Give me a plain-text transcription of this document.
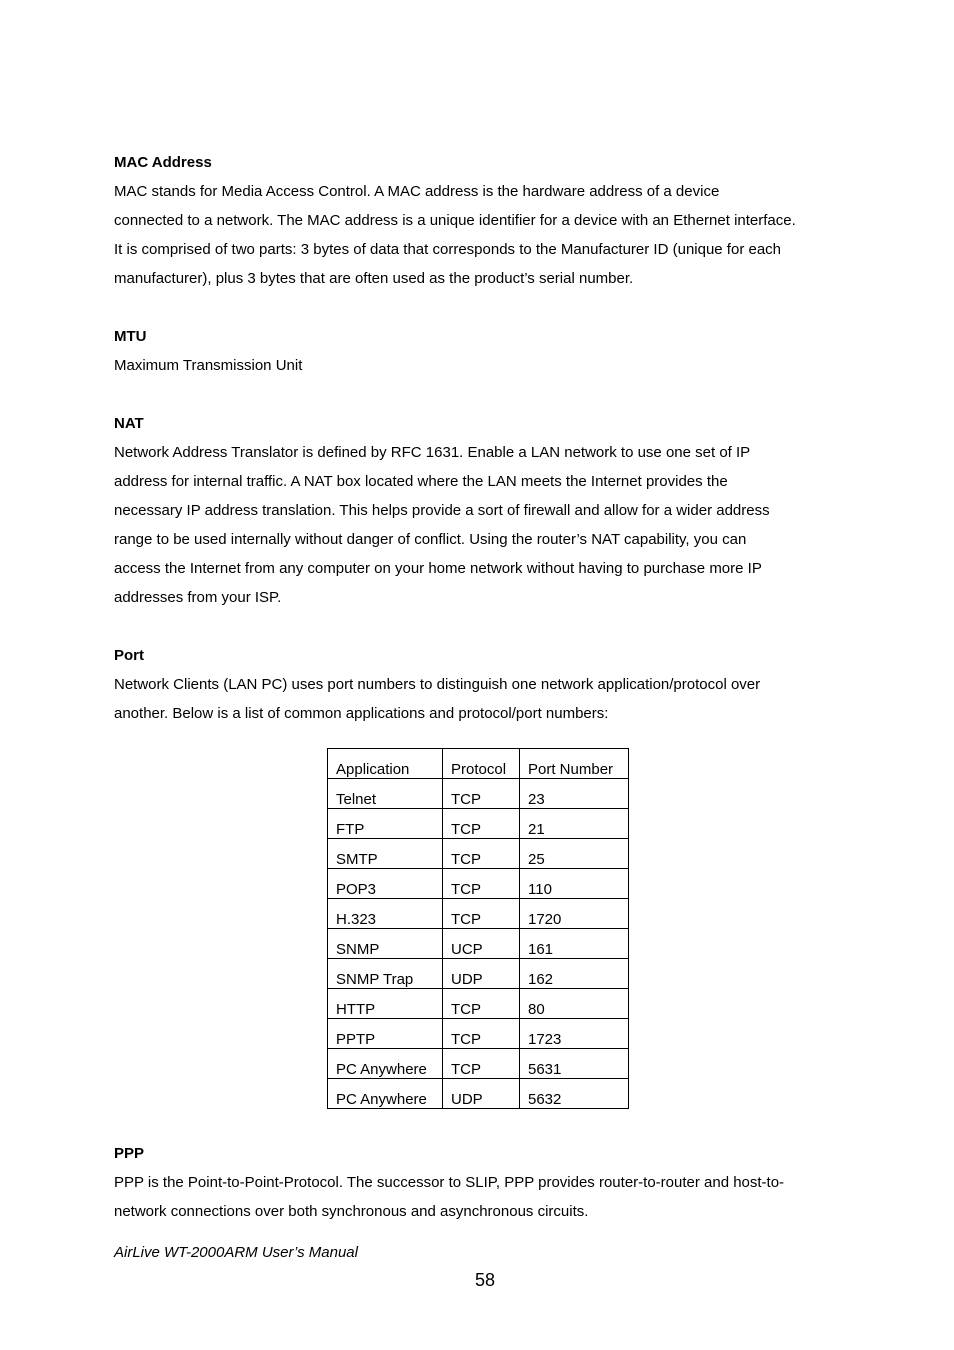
MAC Address

MAC stands for Media Access Control. A MAC address is the hardware address of a device

connected to a network. The MAC address is a unique identifier for a device with an Ethernet interface.

It is comprised of two parts: 3 bytes of data that corresponds to the Manufacturer ID (unique for each

manufacturer), plus 3 bytes that are often used as the product’s serial number.

MTU

Maximum Transmission Unit

NAT

Network Address Translator is defined by RFC 1631. Enable a LAN network to use one set of IP

address for internal traffic. A NAT box located where the LAN meets the Internet provides the

necessary IP address translation. This helps provide a sort of firewall and allow for a wider address

range to be used internally without danger of conflict. Using the router’s NAT capability, you can

access the Internet from any computer on your home network without having to purchase more IP

addresses from your ISP.

Port

Network Clients (LAN PC) uses port numbers to distinguish one network application/protocol over

another. Below is a list of common applications and protocol/port numbers:

Application	Protocol	Port Number
Telnet	TCP	23
FTP	TCP	21
SMTP	TCP	25
POP3	TCP	110
H.323	TCP	1720
SNMP	UCP	161
SNMP Trap	UDP	162
HTTP	TCP	80
PPTP	TCP	1723
PC Anywhere	TCP	5631
PC Anywhere	UDP	5632

PPP

PPP is the Point-to-Point-Protocol. The successor to SLIP, PPP provides router-to-router and host-to-

network connections over both synchronous and asynchronous circuits.

AirLive WT-2000ARM User’s Manual
58
